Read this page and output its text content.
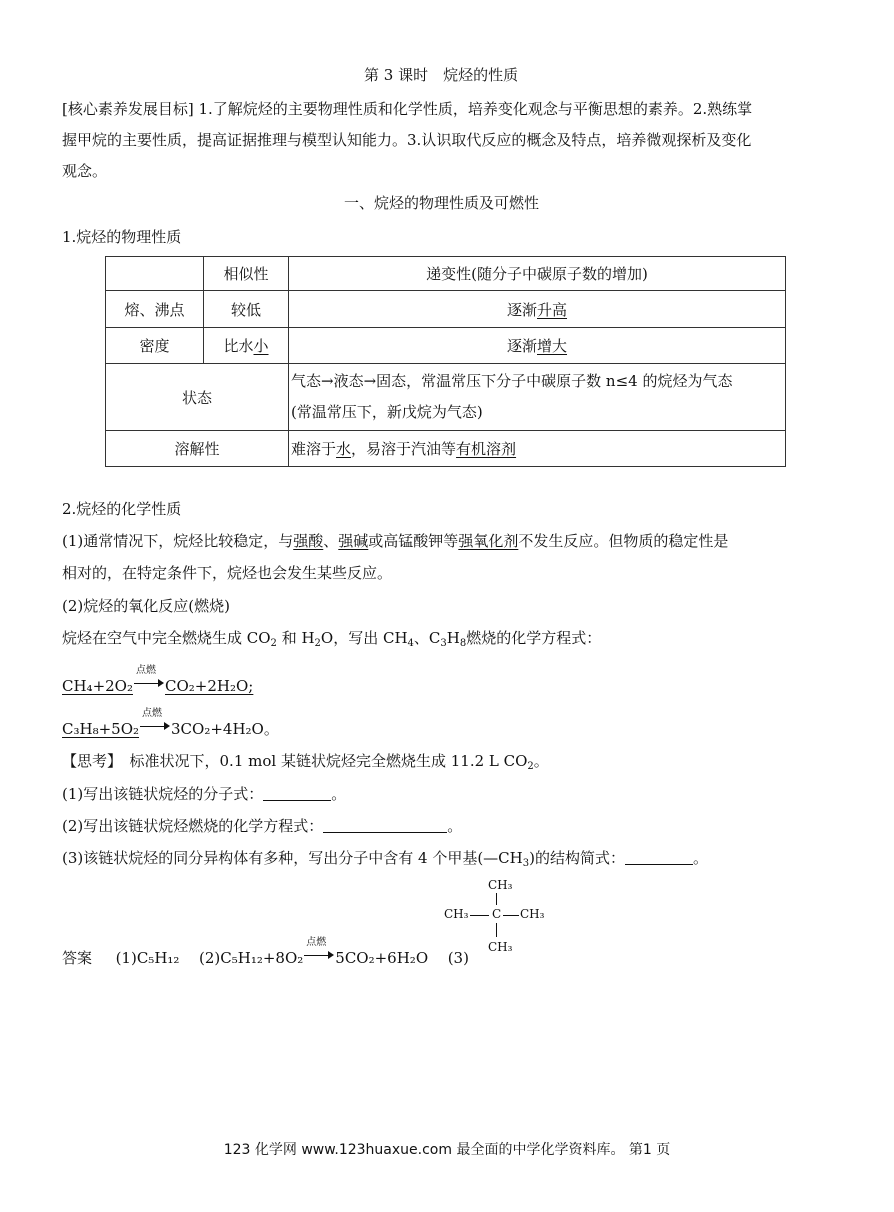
第 3 课时　烷烃的性质
[核心素养发展目标] 1.了解烷烃的主要物理性质和化学性质，培养变化观念与平衡思想的素养。2.熟练掌
握甲烷的主要性质，提高证据推理与模型认知能力。3.认识取代反应的概念及特点，培养微观探析及变化
观念。
一、烷烃的物理性质及可燃性
1.烷烃的物理性质
	相似性	递变性(随分子中碳原子数的增加)
熔、沸点	较低	逐渐升高
密度	比水小	逐渐增大
状态		气态→液态→固态，常温常压下分子中碳原子数 n≤4 的烷烃为气态
(常温常压下，新戊烷为气态)

溶解性		难溶于水，易溶于汽油等有机溶剂
2.烷烃的化学性质
(1)通常情况下，烷烃比较稳定，与强酸、强碱或高锰酸钾等强氧化剂不发生反应。但物质的稳定性是
相对的，在特定条件下，烷烃也会发生某些反应。
(2)烷烃的氧化反应(燃烧)
烷烃在空气中完全燃烧生成 $CO_2$ 和 $H_2O$，写出 $CH_4$、$C_3H_8$燃烧的化学方程式：
CH₄+2O₂
点燃
CO₂+2H₂O;
C₃H₈+5O₂
点燃
3CO₂+4H₂O。
【思考】　标准状况下，0.1 mol 某链状烷烃完全燃烧生成 11.2 L $CO_2$。
(1)写出该链状烷烃的分子式：	。
(2)写出该链状烷烃燃烧的化学方程式：	。
(3)该链状烷烃的同分异构体有多种，写出分子中含有 4 个甲基$(—CH_3)$的结构简式：	。
答案 (1)C₅H₁₂ (2)C₅H₁₂+8O₂
点燃
5CO₂+6H₂O (3)
CH₃
CH₃ C CH₃
CH₃
123 化学网 www.123huaxue.com 最全面的中学化学资料库。 第1 页
